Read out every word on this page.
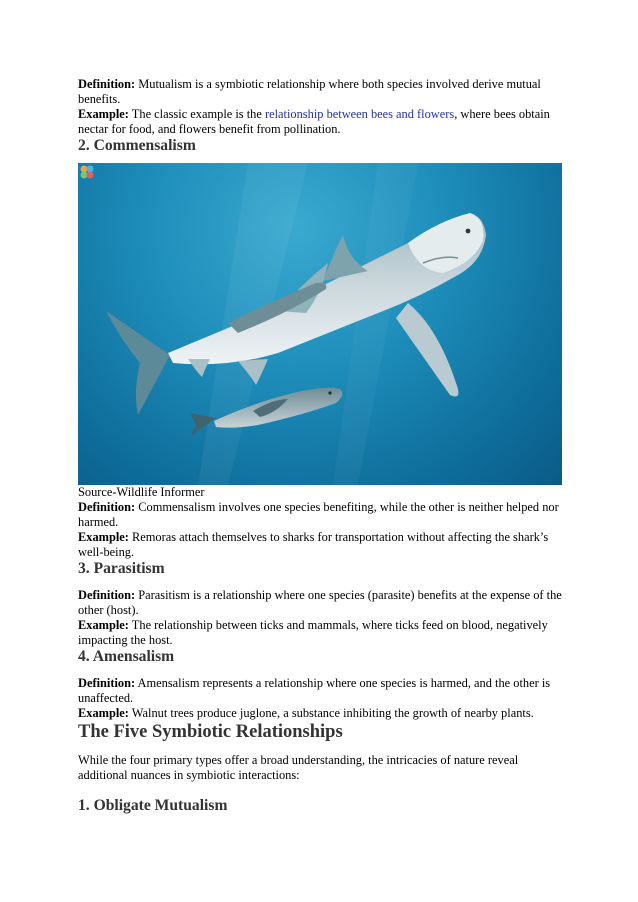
Definition: Mutualism is a symbiotic relationship where both species involved derive mutual benefits.

Example: The classic example is the relationship between bees and flowers, where bees obtain nectar for food, and flowers benefit from pollination.

2. Commensalism

Source-Wildlife Informer

Definition: Commensalism involves one species benefiting, while the other is neither helped nor harmed.

Example: Remoras attach themselves to sharks for transportation without affecting the shark’s well-being.

3. Parasitism

Definition: Parasitism is a relationship where one species (parasite) benefits at the expense of the other (host).

Example: The relationship between ticks and mammals, where ticks feed on blood, negatively impacting the host.

4. Amensalism

Definition: Amensalism represents a relationship where one species is harmed, and the other is unaffected.

Example: Walnut trees produce juglone, a substance inhibiting the growth of nearby plants.

The Five Symbiotic Relationships

While the four primary types offer a broad understanding, the intricacies of nature reveal additional nuances in symbiotic interactions:

1. Obligate Mutualism
